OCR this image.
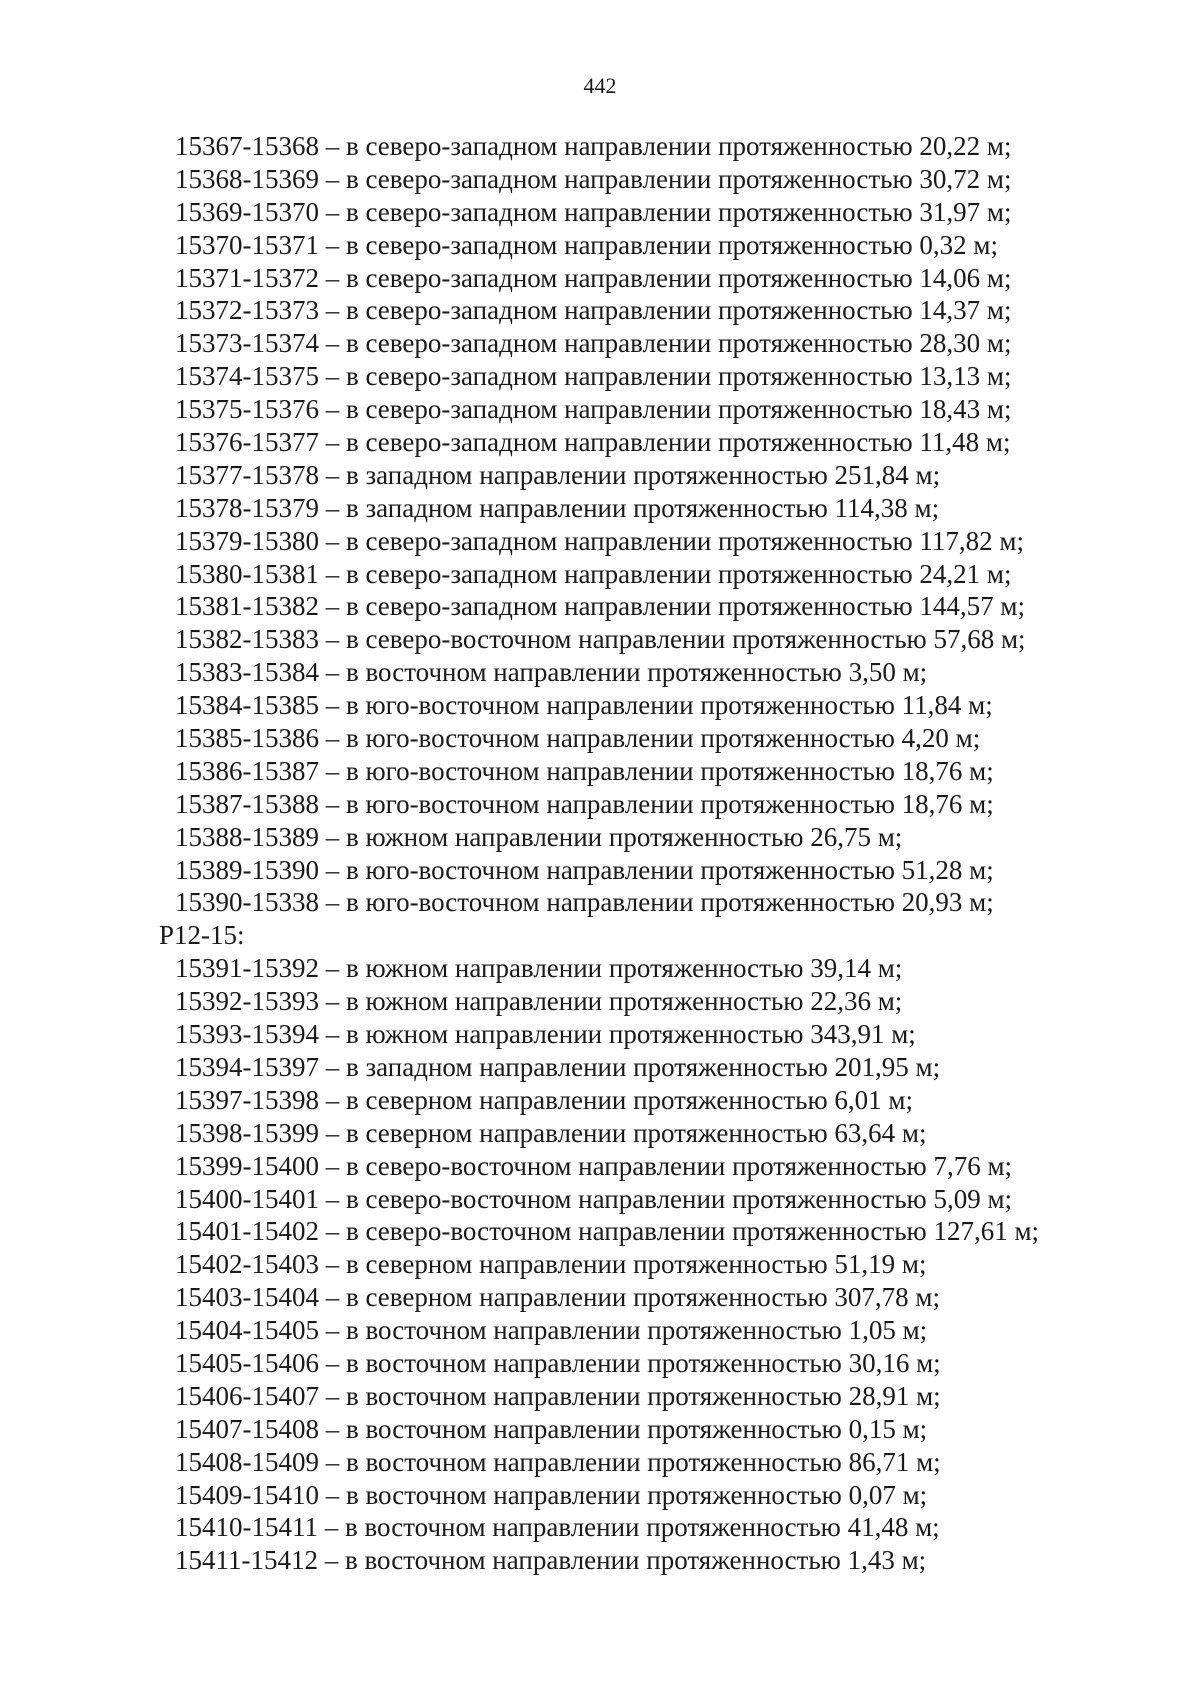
442
15367-15368 – в северо-западном направлении протяженностью 20,22 м;
15368-15369 – в северо-западном направлении протяженностью 30,72 м;
15369-15370 – в северо-западном направлении протяженностью 31,97 м;
15370-15371 – в северо-западном направлении протяженностью 0,32 м;
15371-15372 – в северо-западном направлении протяженностью 14,06 м;
15372-15373 – в северо-западном направлении протяженностью 14,37 м;
15373-15374 – в северо-западном направлении протяженностью 28,30 м;
15374-15375 – в северо-западном направлении протяженностью 13,13 м;
15375-15376 – в северо-западном направлении протяженностью 18,43 м;
15376-15377 – в северо-западном направлении протяженностью 11,48 м;
15377-15378 – в западном направлении протяженностью 251,84 м;
15378-15379 – в западном направлении протяженностью 114,38 м;
15379-15380 – в северо-западном направлении протяженностью 117,82 м;
15380-15381 – в северо-западном направлении протяженностью 24,21 м;
15381-15382 – в северо-западном направлении протяженностью 144,57 м;
15382-15383 – в северо-восточном направлении протяженностью 57,68 м;
15383-15384 – в восточном направлении протяженностью 3,50 м;
15384-15385 – в юго-восточном направлении протяженностью 11,84 м;
15385-15386 – в юго-восточном направлении протяженностью 4,20 м;
15386-15387 – в юго-восточном направлении протяженностью 18,76 м;
15387-15388 – в юго-восточном направлении протяженностью 18,76 м;
15388-15389 – в южном направлении протяженностью 26,75 м;
15389-15390 – в юго-восточном направлении протяженностью 51,28 м;
15390-15338 – в юго-восточном направлении протяженностью 20,93 м;
Р12-15:
15391-15392 – в южном направлении протяженностью 39,14 м;
15392-15393 – в южном направлении протяженностью 22,36 м;
15393-15394 – в южном направлении протяженностью 343,91 м;
15394-15397 – в западном направлении протяженностью 201,95 м;
15397-15398 – в северном направлении протяженностью 6,01 м;
15398-15399 – в северном направлении протяженностью 63,64 м;
15399-15400 – в северо-восточном направлении протяженностью 7,76 м;
15400-15401 – в северо-восточном направлении протяженностью 5,09 м;
15401-15402 – в северо-восточном направлении протяженностью 127,61 м;
15402-15403 – в северном направлении протяженностью 51,19 м;
15403-15404 – в северном направлении протяженностью 307,78 м;
15404-15405 – в восточном направлении протяженностью 1,05 м;
15405-15406 – в восточном направлении протяженностью 30,16 м;
15406-15407 – в восточном направлении протяженностью 28,91 м;
15407-15408 – в восточном направлении протяженностью 0,15 м;
15408-15409 – в восточном направлении протяженностью 86,71 м;
15409-15410 – в восточном направлении протяженностью 0,07 м;
15410-15411 – в восточном направлении протяженностью 41,48 м;
15411-15412 – в восточном направлении протяженностью 1,43 м;
